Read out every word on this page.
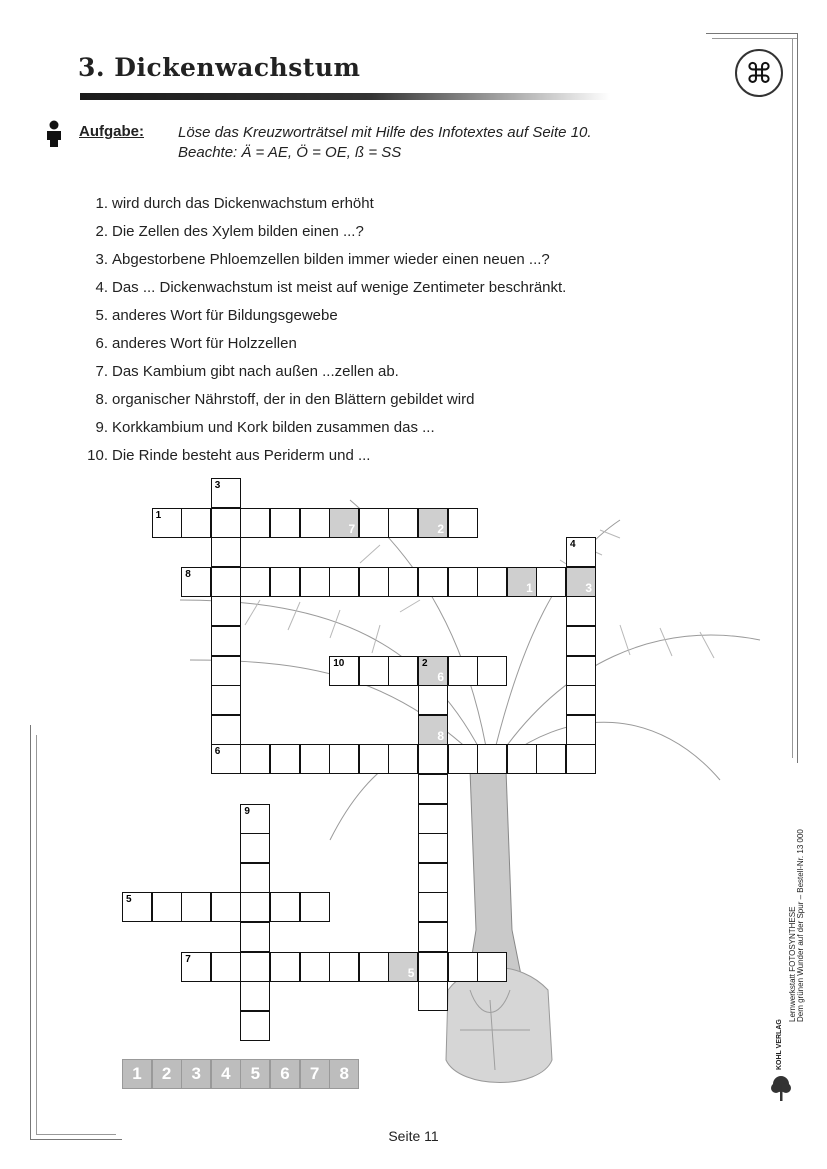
3. Dickenwachstum	⌘
Aufgabe: Löse das Kreuzworträtsel mit Hilfe des Infotextes auf Seite 10.
Beachte: Ä = AE, Ö = OE, ß = SS
1. wird durch das Dickenwachstum erhöht
2. Die Zellen des Xylem bilden einen ...?
3. Abgestorbene Phloemzellen bilden immer wieder einen neuen ...?
4. Das ... Dickenwachstum ist meist auf wenige Zentimeter beschränkt.
5. anderes Wort für Bildungsgewebe
6. anderes Wort für Holzzellen
7. Das Kambium gibt nach außen ...zellen ab.
8. organischer Nährstoff, der in den Blättern gebildet wird
9. Korkkambium und Kork bilden zusammen das ...
10. Die Rinde besteht aus Periderm und ...
1
7	2
2
6
8
3
4
3
5
6
7
5
8
1
9
10
1	2	3	4	5	6	7	8
Lernwerkstatt FOTOSYNTHESE Dem grünen Wunder auf der Spur – Bestell-Nr. 13 000
KOHL VERLAG
Seite 11
